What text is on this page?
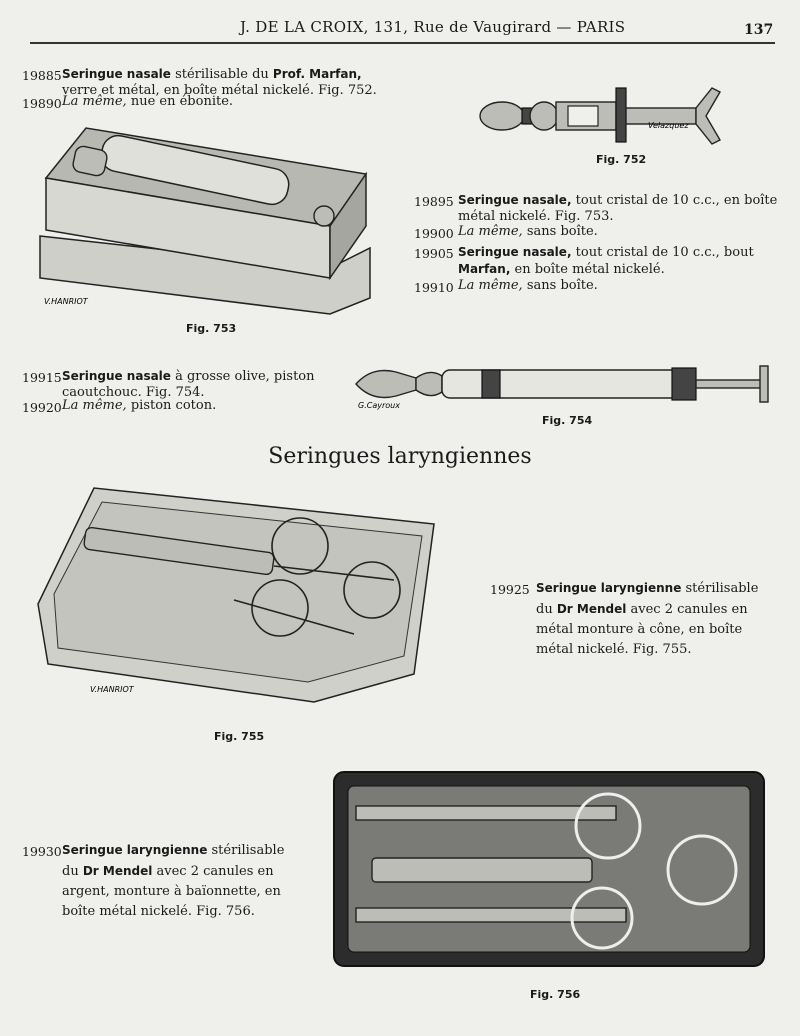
J. DE LA CROIX, 131, Rue de Vaugirard — PARIS	137
19885 Seringue nasale stérilisable du Prof. Marfan, verre et métal, en boîte métal nickelé. Fig. 752.
19890 La même, nue en ébonite.
Velazquez
Fig. 752
V.HANRIOT
Fig. 753
19895 Seringue nasale, tout cristal de 10 c.c., en boîte métal nickelé. Fig. 753.
19900 La même, sans boîte.
19905 Seringue nasale, tout cristal de 10 c.c., bout Marfan, en boîte métal nickelé.
19910 La même, sans boîte.
19915 Seringue nasale à grosse olive, piston caoutchouc. Fig. 754.
19920 La même, piston coton.	G.Cayroux
Fig. 754
Seringues laryngiennes
V.HANRIOT
Fig. 755
19925 Seringue laryngienne stérilisable du Dr Mendel avec 2 canules en métal monture à cône, en boîte métal nickelé. Fig. 755.
Fig. 756
19930 Seringue laryngienne stérilisable du Dr Mendel avec 2 canules en argent, monture à baïonnette, en boîte métal nickelé. Fig. 756.
